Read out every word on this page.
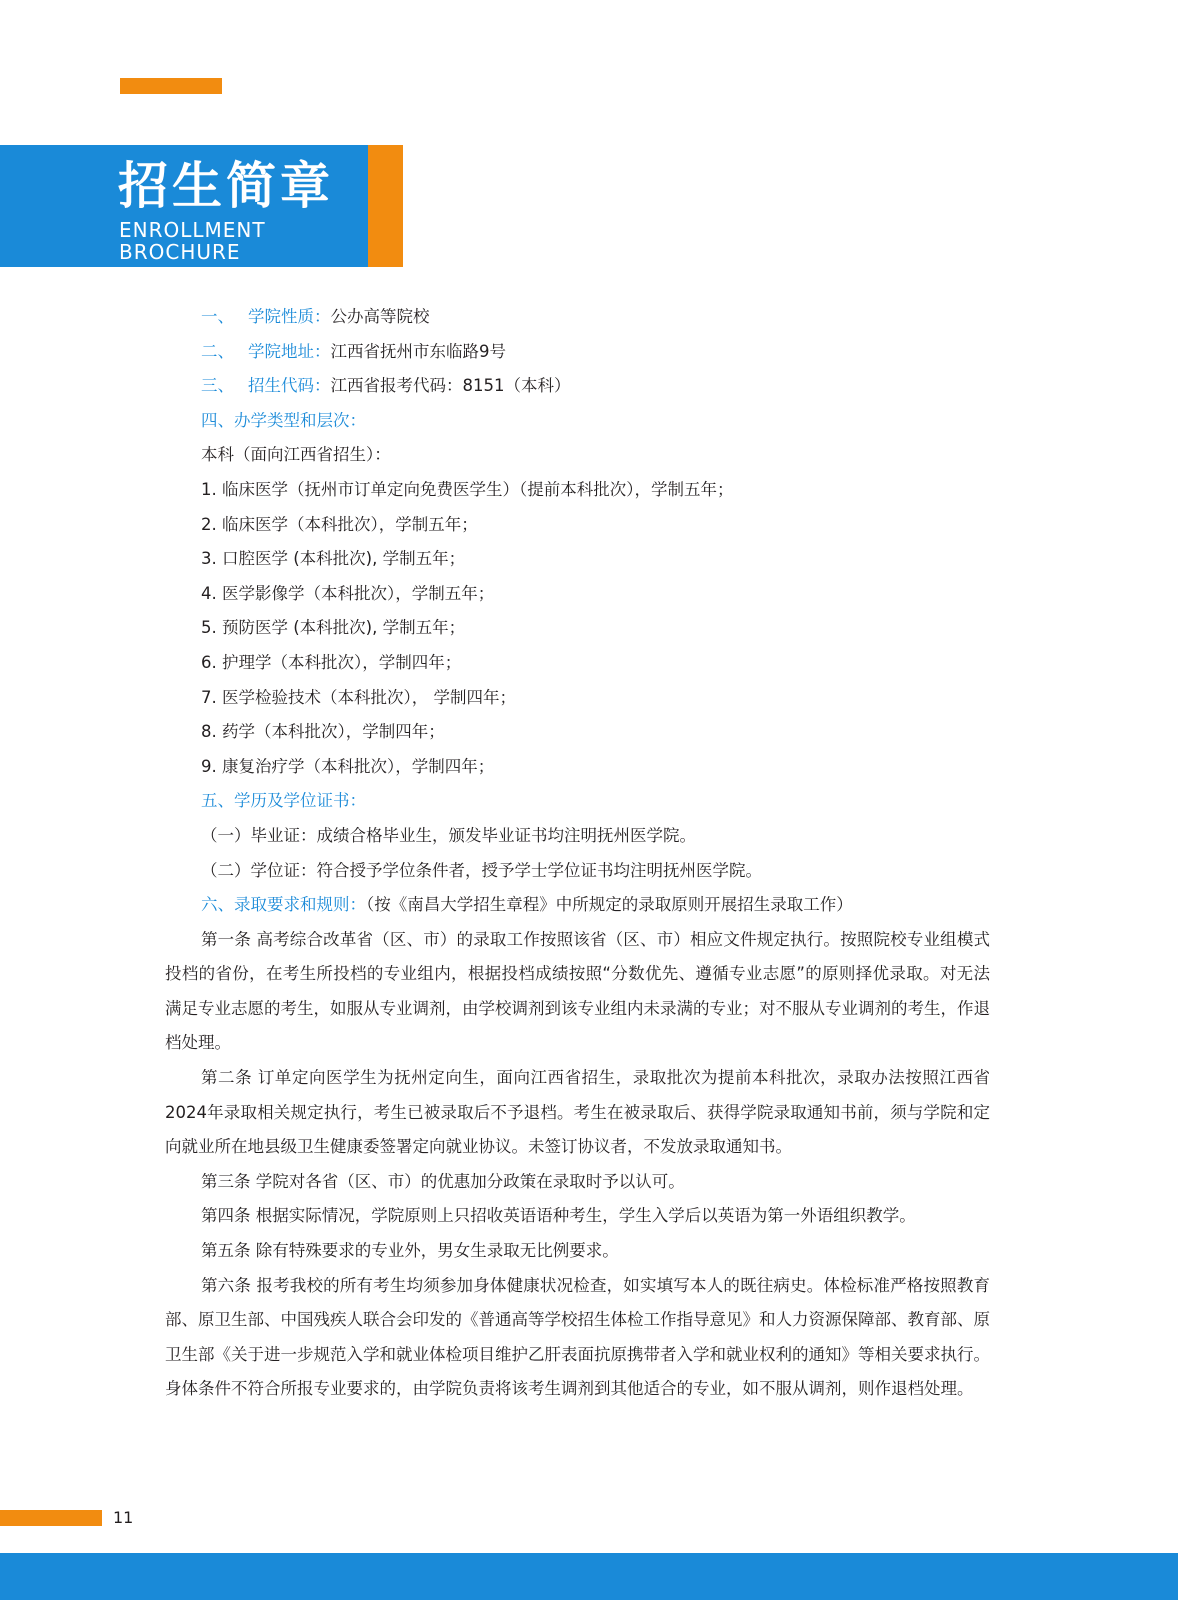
招生简章
ENROLLMENT
BROCHURE
一、 学院性质：公办高等院校
二、 学院地址：江西省抚州市东临路9号
三、 招生代码：江西省报考代码：8151（本科）
四、办学类型和层次：
本科（面向江西省招生）：
1. 临床医学（抚州市订单定向免费医学生）（提前本科批次），学制五年；
2. 临床医学（本科批次），学制五年；
3. 口腔医学 (本科批次), 学制五年；
4. 医学影像学（本科批次），学制五年；
5. 预防医学 (本科批次), 学制五年；
6. 护理学（本科批次），学制四年；
7. 医学检验技术（本科批次）， 学制四年；
8. 药学（本科批次），学制四年；
9. 康复治疗学（本科批次），学制四年；
五、学历及学位证书：
（一）毕业证：成绩合格毕业生，颁发毕业证书均注明抚州医学院。
（二）学位证：符合授予学位条件者，授予学士学位证书均注明抚州医学院。
六、录取要求和规则：（按《南昌大学招生章程》中所规定的录取原则开展招生录取工作）

第一条 高考综合改革省（区、市）的录取工作按照该省（区、市）相应文件规定执行。按照院校专业组模式投档的省份，在考生所投档的专业组内，根据投档成绩按照“分数优先、遵循专业志愿”的原则择优录取。对无法满足专业志愿的考生，如服从专业调剂，由学校调剂到该专业组内未录满的专业；对不服从专业调剂的考生，作退档处理。

第二条 订单定向医学生为抚州定向生，面向江西省招生，录取批次为提前本科批次，录取办法按照江西省2024年录取相关规定执行，考生已被录取后不予退档。考生在被录取后、获得学院录取通知书前，须与学院和定向就业所在地县级卫生健康委签署定向就业协议。未签订协议者，不发放录取通知书。

第三条 学院对各省（区、市）的优惠加分政策在录取时予以认可。

第四条 根据实际情况，学院原则上只招收英语语种考生，学生入学后以英语为第一外语组织教学。

第五条 除有特殊要求的专业外，男女生录取无比例要求。

第六条 报考我校的所有考生均须参加身体健康状况检查，如实填写本人的既往病史。体检标准严格按照教育部、原卫生部、中国残疾人联合会印发的《普通高等学校招生体检工作指导意见》和人力资源保障部、教育部、原卫生部《关于进一步规范入学和就业体检项目维护乙肝表面抗原携带者入学和就业权利的通知》等相关要求执行。身体条件不符合所报专业要求的，由学院负责将该考生调剂到其他适合的专业，如不服从调剂，则作退档处理。

11
